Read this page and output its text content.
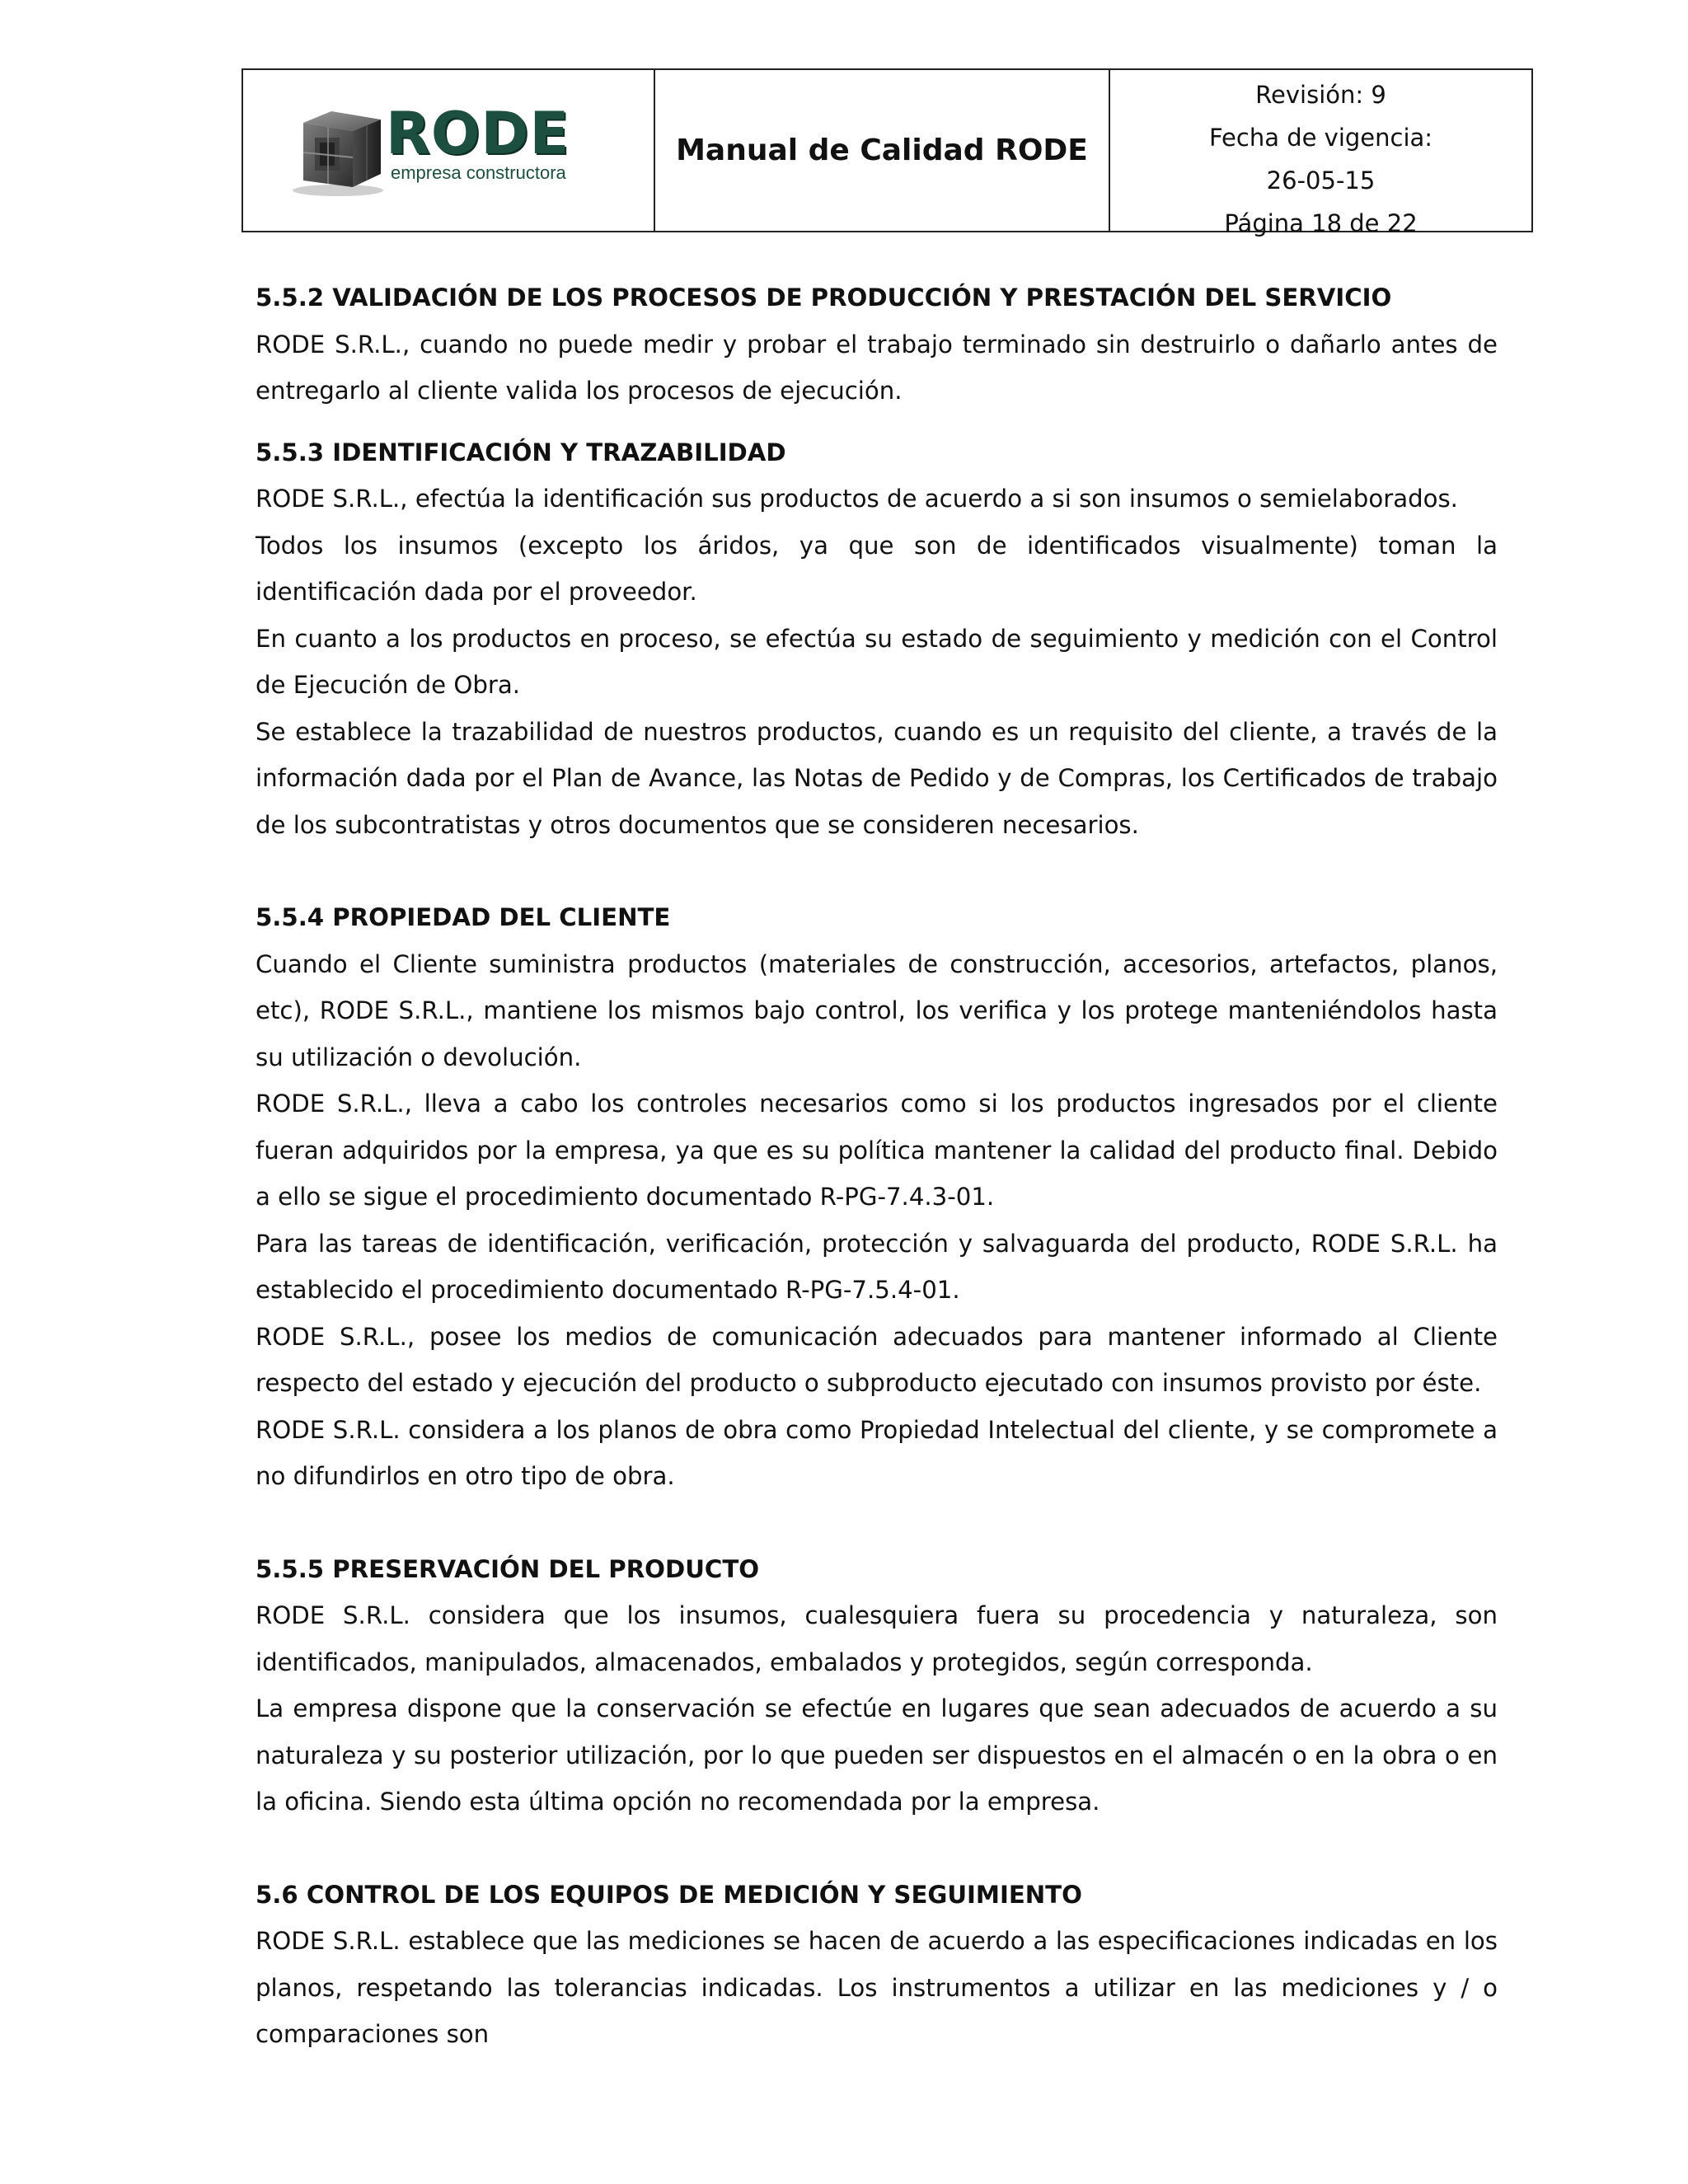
RODE
empresa constructora
Manual de Calidad RODE
Revisión: 9
Fecha de vigencia:
26-05-15
Página 18 de 22
5.5.2 VALIDACIÓN DE LOS PROCESOS DE PRODUCCIÓN Y PRESTACIÓN DEL SERVICIO

RODE S.R.L., cuando no puede medir y probar el trabajo terminado sin destruirlo o dañarlo antes de entregarlo al cliente valida los procesos de ejecución.

5.5.3 IDENTIFICACIÓN Y TRAZABILIDAD

RODE S.R.L., efectúa la identificación sus productos de acuerdo a si son insumos o semielaborados.

Todos los insumos (excepto los áridos, ya que son de identificados visualmente) toman la identificación dada por el proveedor.

En cuanto a los productos en proceso, se efectúa su estado de seguimiento y medición con el Control de Ejecución de Obra.

Se establece la trazabilidad de nuestros productos, cuando es un requisito del cliente, a través de la información dada por el Plan de Avance, las Notas de Pedido y de Compras, los Certificados de trabajo de los subcontratistas y otros documentos que se consideren necesarios.

5.5.4 PROPIEDAD DEL CLIENTE

Cuando el Cliente suministra productos (materiales de construcción, accesorios, artefactos, planos, etc), RODE S.R.L., mantiene los mismos bajo control, los verifica y los protege manteniéndolos hasta su utilización o devolución.

RODE S.R.L., lleva a cabo los controles necesarios como si los productos ingresados por el cliente fueran adquiridos por la empresa, ya que es su política mantener la calidad del producto final. Debido a ello se sigue el procedimiento documentado R-PG-7.4.3-01.

Para las tareas de identificación, verificación, protección y salvaguarda del producto, RODE S.R.L. ha establecido el procedimiento documentado R-PG-7.5.4-01.

RODE S.R.L., posee los medios de comunicación adecuados para mantener informado al Cliente respecto del estado y ejecución del producto o subproducto ejecutado con insumos provisto por éste.

RODE S.R.L. considera a los planos de obra como Propiedad Intelectual del cliente, y se compromete a no difundirlos en otro tipo de obra.

5.5.5 PRESERVACIÓN DEL PRODUCTO

RODE S.R.L. considera que los insumos, cualesquiera fuera su procedencia y naturaleza, son identificados, manipulados, almacenados, embalados y protegidos, según corresponda.

La empresa dispone que la conservación se efectúe en lugares que sean adecuados de acuerdo a su naturaleza y su posterior utilización, por lo que pueden ser dispuestos en el almacén o en la obra o en la oficina. Siendo esta última opción no recomendada por la empresa.

5.6 CONTROL DE LOS EQUIPOS DE MEDICIÓN Y SEGUIMIENTO

RODE S.R.L. establece que las mediciones se hacen de acuerdo a las especificaciones indicadas en los planos, respetando las tolerancias indicadas. Los instrumentos a utilizar en las mediciones y / o comparaciones son
